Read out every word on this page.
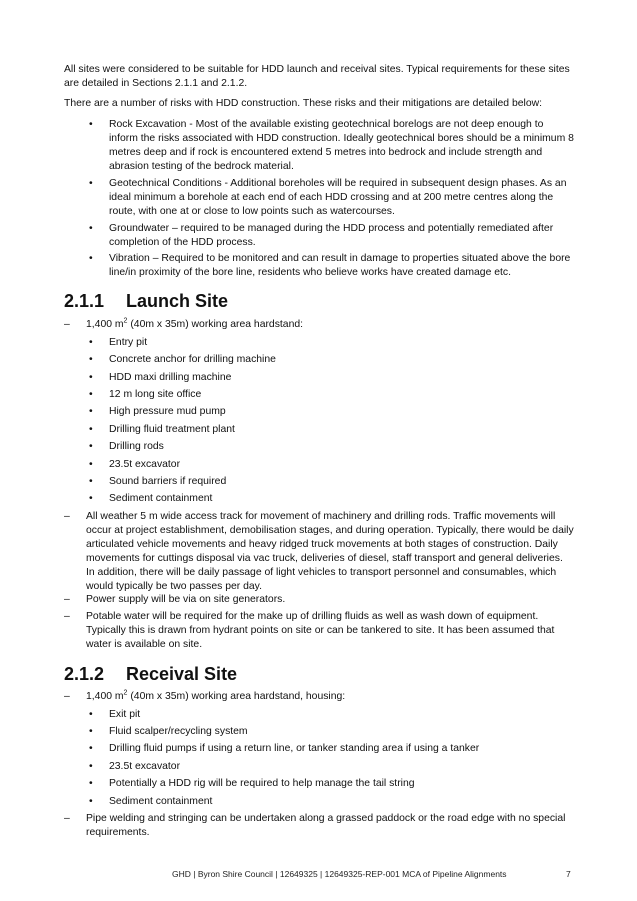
All sites were considered to be suitable for HDD launch and receival sites. Typical requirements for these sites are detailed in Sections 2.1.1 and 2.1.2.

There are a number of risks with HDD construction. These risks and their mitigations are detailed below:

• Rock Excavation - Most of the available existing geotechnical borelogs are not deep enough to inform the risks associated with HDD construction. Ideally geotechnical bores should be a minimum 8 metres deep and if rock is encountered extend 5 metres into bedrock and include strength and abrasion testing of the bedrock material.

• Geotechnical Conditions - Additional boreholes will be required in subsequent design phases. As an ideal minimum a borehole at each end of each HDD crossing and at 200 metre centres along the route, with one at or close to low points such as watercourses.

• Groundwater – required to be managed during the HDD process and potentially remediated after completion of the HDD process.

• Vibration – Required to be monitored and can result in damage to properties situated above the bore line/in proximity of the bore line, residents who believe works have created damage etc.

2.1.1 Launch Site

– 1,400 $m^2$ (40m x 35m) working area hardstand:

• Entry pit

• Concrete anchor for drilling machine

• HDD maxi drilling machine

• 12 m long site office

• High pressure mud pump

• Drilling fluid treatment plant

• Drilling rods

• 23.5t excavator

• Sound barriers if required

• Sediment containment

– All weather 5 m wide access track for movement of machinery and drilling rods. Traffic movements will occur at project establishment, demobilisation stages, and during operation. Typically, there would be daily articulated vehicle movements and heavy ridged truck movements at both stages of construction. Daily movements for cuttings disposal via vac truck, deliveries of diesel, staff transport and general deliveries. In addition, there will be daily passage of light vehicles to transport personnel and consumables, which would typically be two passes per day.

– Power supply will be via on site generators.

– Potable water will be required for the make up of drilling fluids as well as wash down of equipment. Typically this is drawn from hydrant points on site or can be tankered to site. It has been assumed that water is available on site.

2.1.2 Receival Site

– 1,400 $m^2$ (40m x 35m) working area hardstand, housing:

• Exit pit

• Fluid scalper/recycling system

• Drilling fluid pumps if using a return line, or tanker standing area if using a tanker

• 23.5t excavator

• Potentially a HDD rig will be required to help manage the tail string

• Sediment containment

– Pipe welding and stringing can be undertaken along a grassed paddock or the road edge with no special requirements.

GHD | Byron Shire Council | 12649325 | 12649325-REP-001 MCA of Pipeline Alignments	7
